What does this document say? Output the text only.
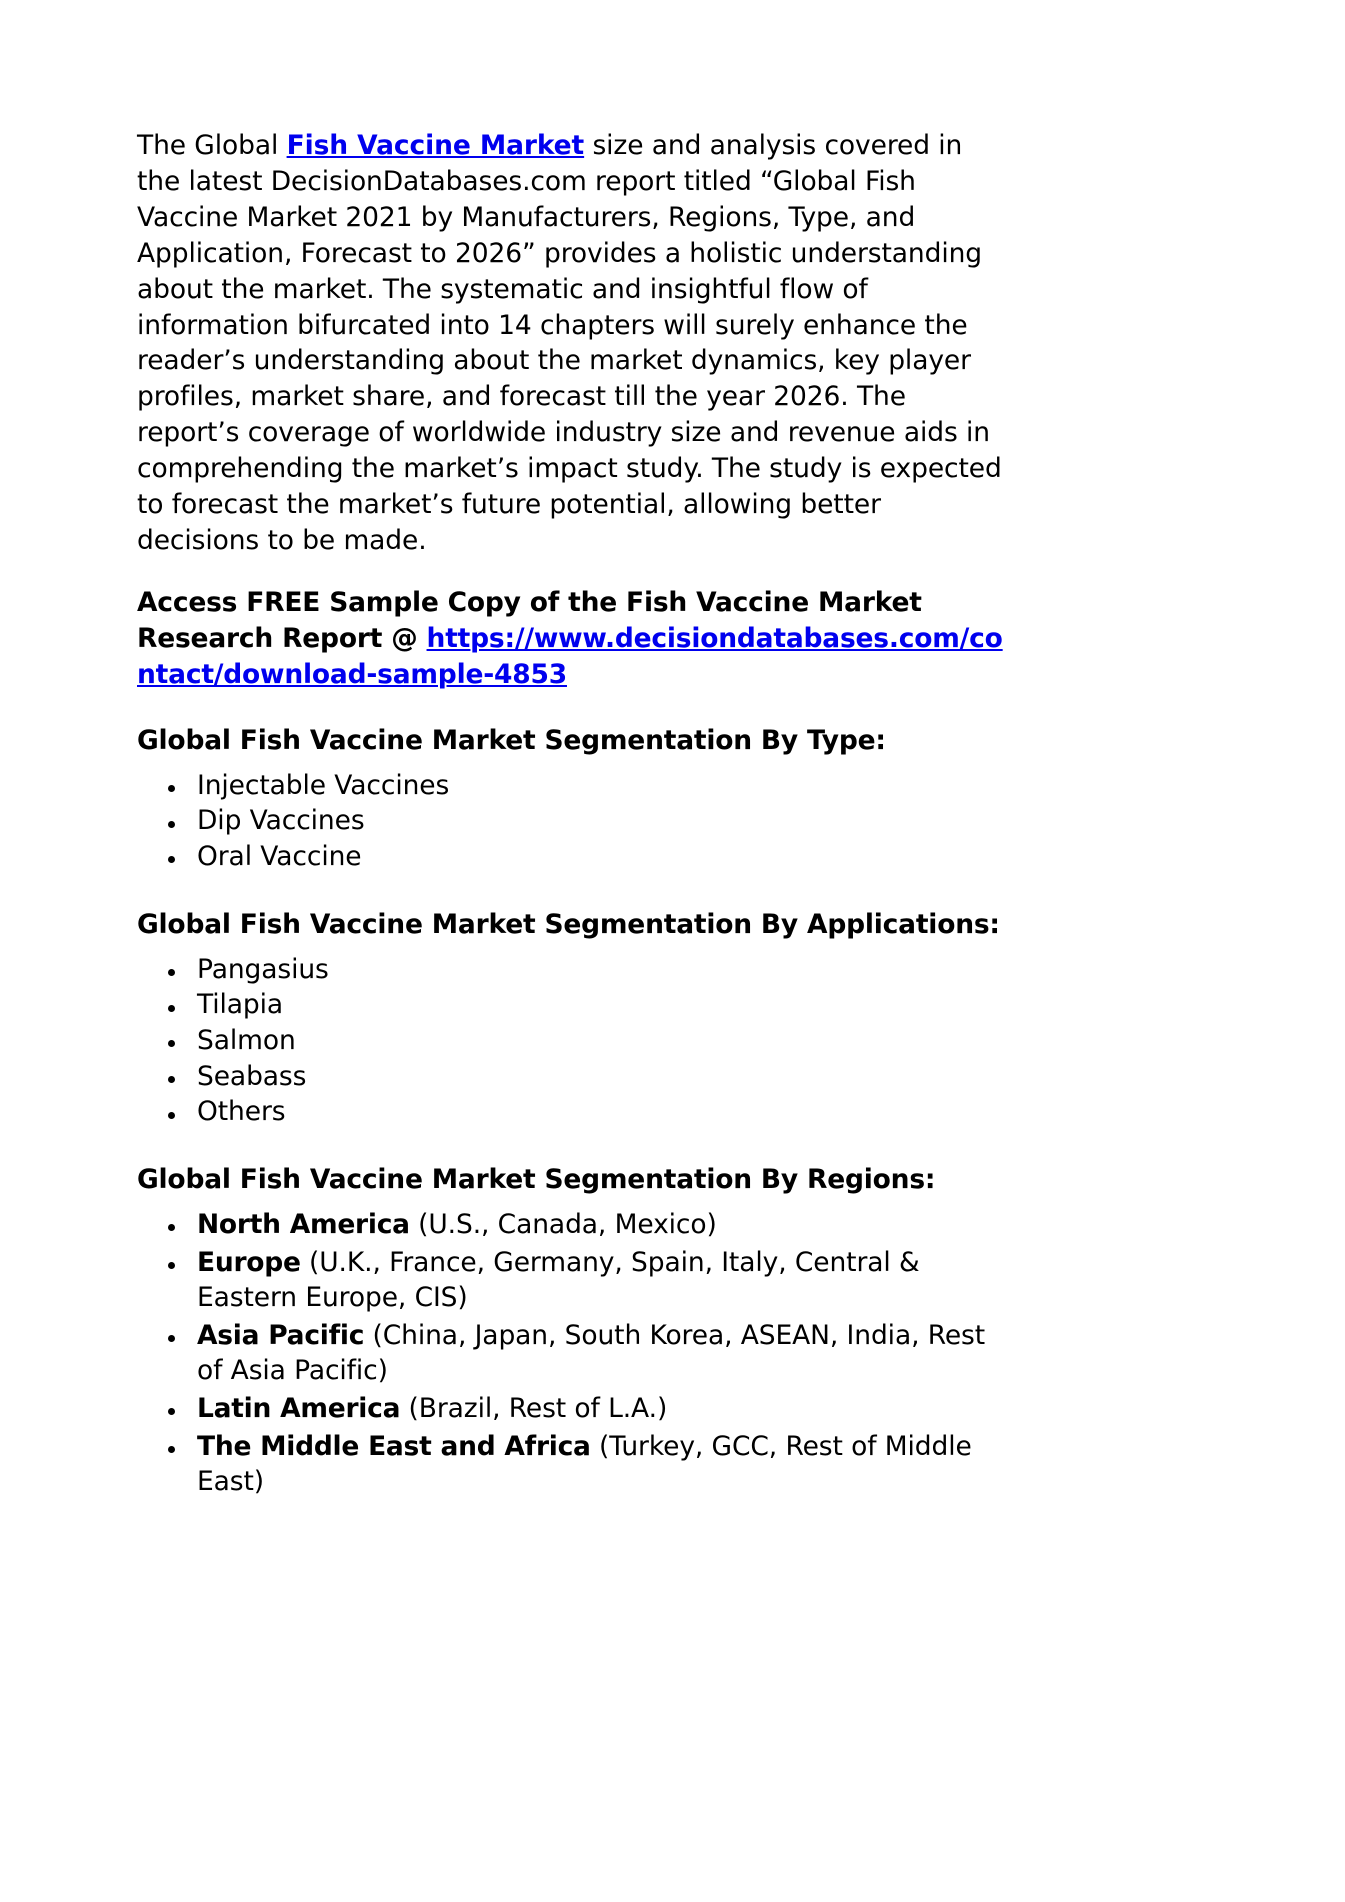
The Global Fish Vaccine Market size and analysis covered in the latest DecisionDatabases.com report titled “Global Fish Vaccine Market 2021 by Manufacturers, Regions, Type, and Application, Forecast to 2026” provides a holistic understanding about the market. The systematic and insightful flow of information bifurcated into 14 chapters will surely enhance the reader’s understanding about the market dynamics, key player profiles, market share, and forecast till the year 2026. The report’s coverage of worldwide industry size and revenue aids in comprehending the market’s impact study. The study is expected to forecast the market’s future potential, allowing better decisions to be made.

Access FREE Sample Copy of the Fish Vaccine Market Research Report @ https://www.decisiondatabases.com/contact/download-sample-4853

Global Fish Vaccine Market Segmentation By Type:
Injectable Vaccines
Dip Vaccines
Oral Vaccine
Global Fish Vaccine Market Segmentation By Applications:
Pangasius
Tilapia
Salmon
Seabass
Others
Global Fish Vaccine Market Segmentation By Regions:
North America (U.S., Canada, Mexico)
Europe (U.K., France, Germany, Spain, Italy, Central & Eastern Europe, CIS)
Asia Pacific (China, Japan, South Korea, ASEAN, India, Rest of Asia Pacific)
Latin America (Brazil, Rest of L.A.)
The Middle East and Africa (Turkey, GCC, Rest of Middle East)
